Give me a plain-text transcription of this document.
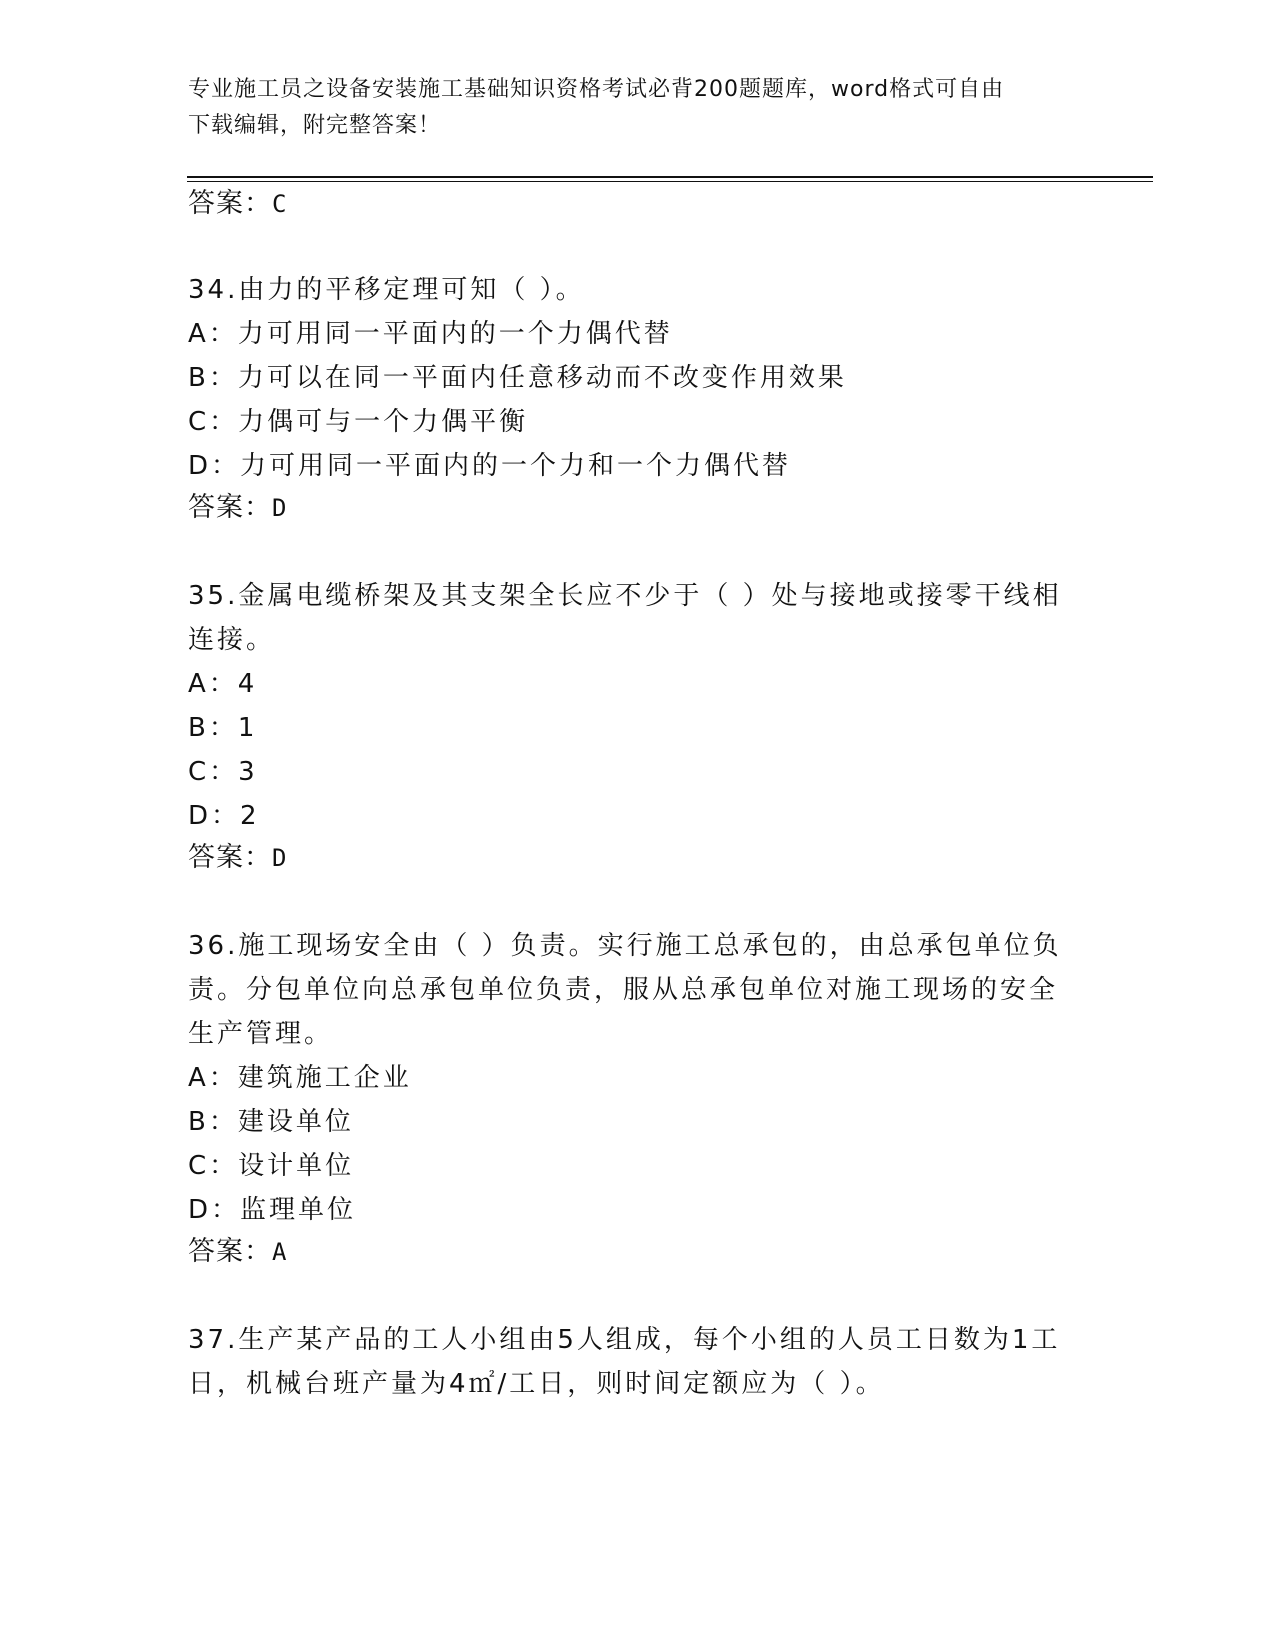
专业施工员之设备安装施工基础知识资格考试必背200题题库，word格式可自由
下载编辑，附完整答案！
答案：C
34.由力的平移定理可知（ ）。
A：力可用同一平面内的一个力偶代替
B：力可以在同一平面内任意移动而不改变作用效果
C：力偶可与一个力偶平衡
D：力可用同一平面内的一个力和一个力偶代替
答案：D
35.金属电缆桥架及其支架全长应不少于（ ）处与接地或接零干线相
连接。
A：4
B：1
C：3
D：2
答案：D
36.施工现场安全由（ ）负责。实行施工总承包的，由总承包单位负
责。分包单位向总承包单位负责，服从总承包单位对施工现场的安全
生产管理。
A：建筑施工企业
B：建设单位
C：设计单位
D：监理单位
答案：A
37.生产某产品的工人小组由5人组成，每个小组的人员工日数为1工
日，机械台班产量为4㎡/工日，则时间定额应为（ ）。
